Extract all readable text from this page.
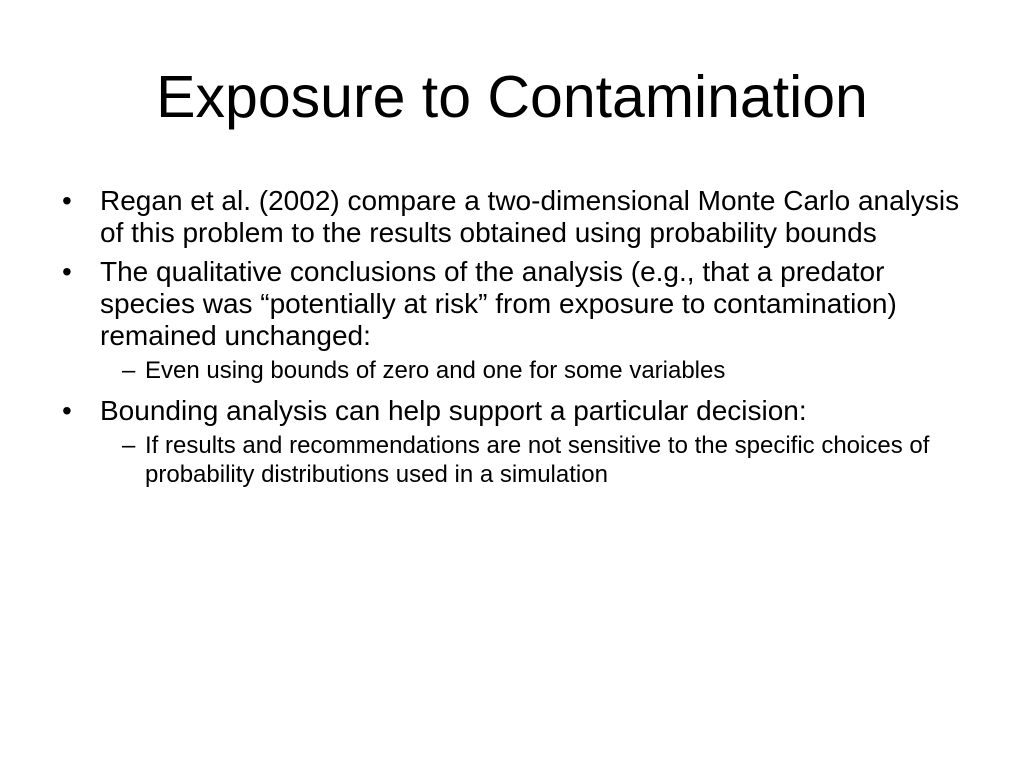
Exposure to Contamination
• Regan et al. (2002) compare a two-dimensional Monte Carlo analysis of this problem to the results obtained using probability bounds
• The qualitative conclusions of the analysis (e.g., that a predator species was “potentially at risk” from exposure to contamination) remained unchanged:
– Even using bounds of zero and one for some variables
• Bounding analysis can help support a particular decision:
– If results and recommendations are not sensitive to the specific choices of probability distributions used in a simulation
